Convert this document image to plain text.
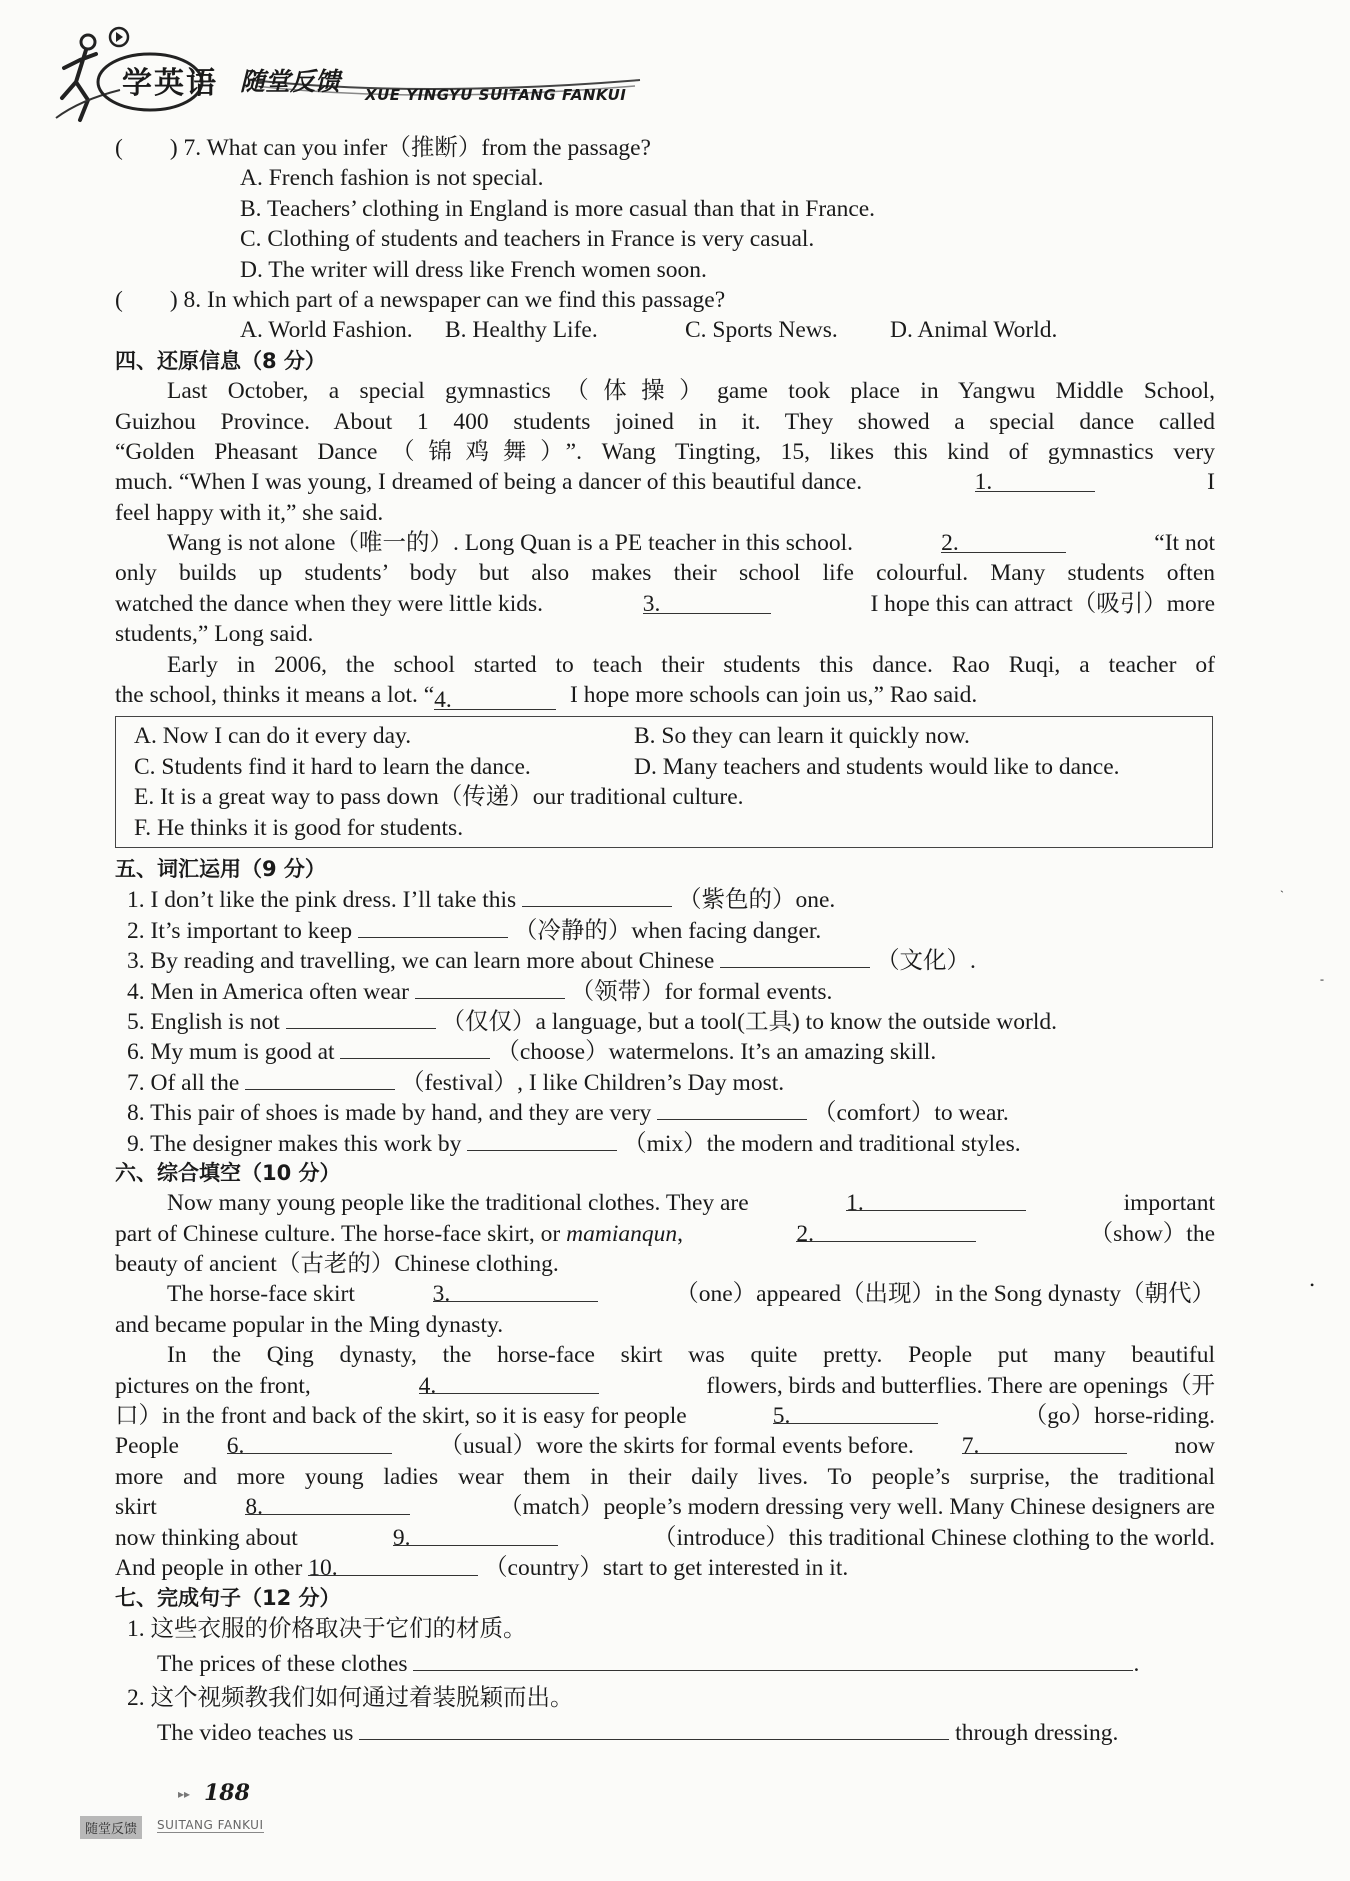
学英语 随堂反馈 XUE YINGYU SUITANG FANKUI
(　　) 7. What can you infer（推断）from the passage?
A. French fashion is not special.
B. Teachers’ clothing in England is more casual than that in France.
C. Clothing of students and teachers in France is very casual.
D. The writer will dress like French women soon.
(　　) 8. In which part of a newspaper can we find this passage?
A. World Fashion.	B. Healthy Life.	C. Sports News.	D. Animal World.
四、还原信息（8 分）
Last October, a special gymnastics（体操）game took place in Yangwu Middle School,
Guizhou Province. About 1 400 students joined in it. They showed a special dance called
“Golden Pheasant Dance（锦鸡舞）”. Wang Tingting, 15, likes this kind of gymnastics very
much. “When I was young, I dreamed of being a dancer of this beautiful dance.	1.	I
feel happy with it,” she said.
Wang is not alone（唯一的）. Long Quan is a PE teacher in this school.	2.	“It not
only builds up students’ body but also makes their school life colourful. Many students often
watched the dance when they were little kids.	3.	I hope this can attract（吸引）more
students,” Long said.
Early in 2006, the school started to teach their students this dance. Rao Ruqi, a teacher of
the school, thinks it means a lot. “4.	I hope more schools can join us,” Rao said.
A. Now I can do it every day.	B. So they can learn it quickly now.
C. Students find it hard to learn the dance.	D. Many teachers and students would like to dance.
E. It is a great way to pass down（传递）our traditional culture.
F. He thinks it is good for students.
五、词汇运用（9 分）
1. I don’t like the pink dress. I’ll take this	（紫色的）one.
2. It’s important to keep	（冷静的）when facing danger.
3. By reading and travelling, we can learn more about Chinese	（文化）.
4. Men in America often wear	（领带）for formal events.
5. English is not	（仅仅）a language, but a tool(工具) to know the outside world.
6. My mum is good at	（choose）watermelons. It’s an amazing skill.
7. Of all the	（festival）, I like Children’s Day most.
8. This pair of shoes is made by hand, and they are very	（comfort）to wear.
9. The designer makes this work by	（mix）the modern and traditional styles.
六、综合填空（10 分）
Now many young people like the traditional clothes. They are	1.	important
part of Chinese culture. The horse-face skirt, or mamianqun,	2.	（show）the
beauty of ancient（古老的）Chinese clothing.
The horse-face skirt	3.	（one）appeared（出现）in the Song dynasty（朝代）
and became popular in the Ming dynasty.
In the Qing dynasty, the horse-face skirt was quite pretty. People put many beautiful
pictures on the front,	4.	flowers, birds and butterflies. There are openings（开
口）in the front and back of the skirt, so it is easy for people	5.	（go）horse-riding.
People 6.	（usual）wore the skirts for formal events before. 7.	now
more and more young ladies wear them in their daily lives. To people’s surprise, the traditional
skirt	8.	（match）people’s modern dressing very well. Many Chinese designers are
now thinking about	9.	（introduce）this traditional Chinese clothing to the world.
And people in other 10.	（country）start to get interested in it.
七、完成句子（12 分）
1. 这些衣服的价格取决于它们的材质。
The prices of these clothes	.
2. 这个视频教我们如何通过着装脱颖而出。
The video teaches us	through dressing.
▸▸ 188
随堂反馈	SUITANG FANKUI
`
-
•
